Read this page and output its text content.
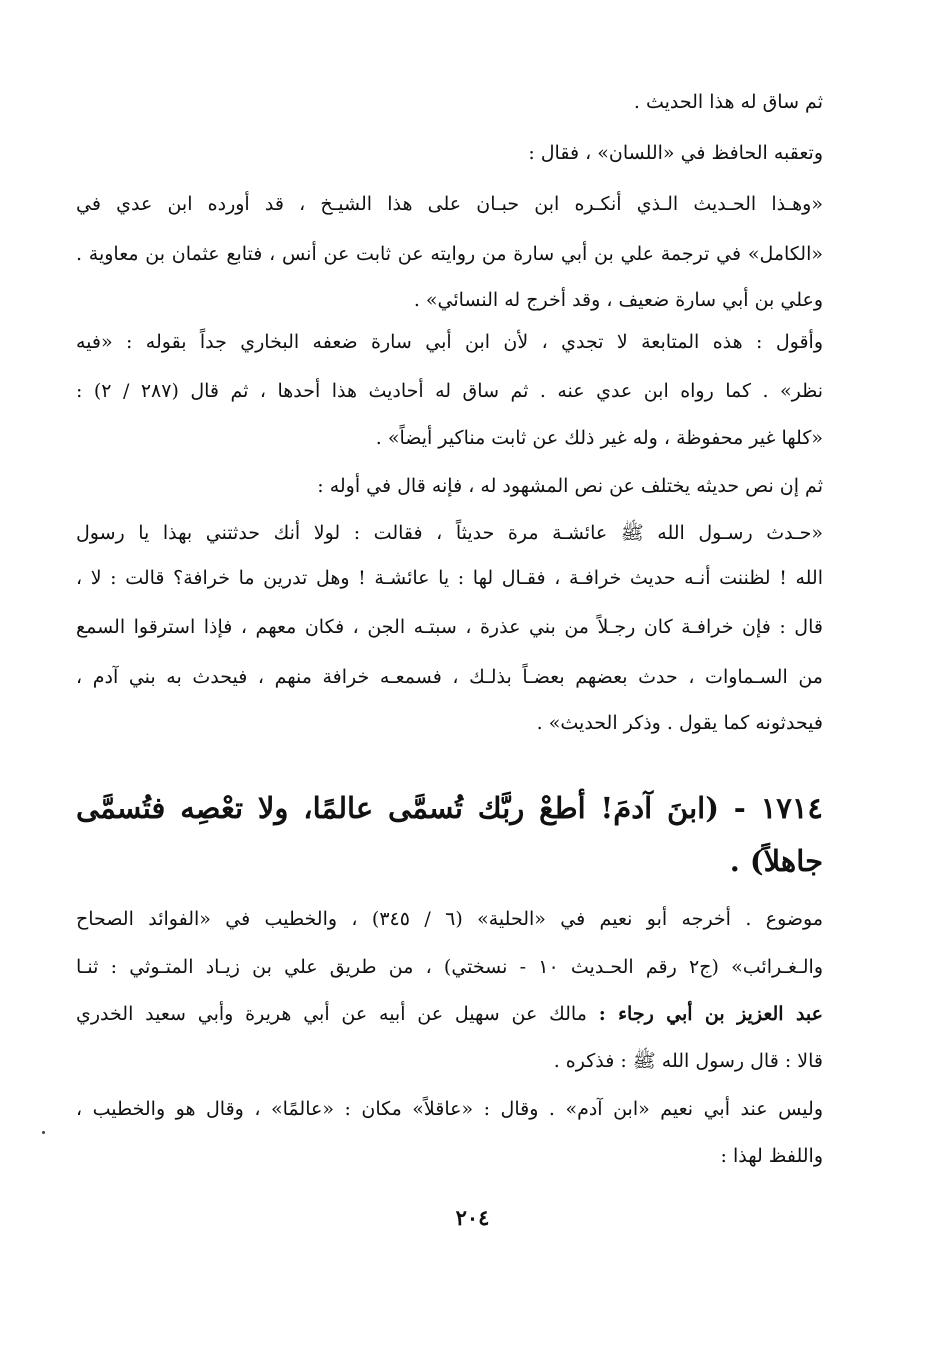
ثم ساق له هذا الحديث .
وتعقبه الحافظ في «اللسان» ، فقال :
«وهـذا الحـديث الـذي أنكـره ابن حبـان على هذا الشيـخ ، قد أورده ابن عدي في
«الكامل» في ترجمة علي بن أبي سارة من روايته عن ثابت عن أنس ، فتابع عثمان بن معاوية .
وعلي بن أبي سارة ضعيف ، وقد أخرج له النسائي» .
وأقول : هذه المتابعة لا تجدي ، لأن ابن أبي سارة ضعفه البخاري جداً بقوله : «فيه
نظر» . كما رواه ابن عدي عنه . ثم ساق له أحاديث هذا أحدها ، ثم قال (٢٨٧ / ٢) :
«كلها غير محفوظة ، وله غير ذلك عن ثابت مناكير أيضاً» .
ثم إن نص حديثه يختلف عن نص المشهود له ، فإنه قال في أوله :
«حـدث رسـول الله ﷺ عائشـة مرة حديثاً ، فقالت : لولا أنك حدثتني بهذا يا رسول
الله ! لظننت أنـه حديث خرافـة ، فقـال لها : يا عائشـة ! وهل تدرين ما خرافة؟ قالت : لا ،
قال : فإن خرافـة كان رجـلاً من بني عذرة ، سبتـه الجن ، فكان معهم ، فإذا استرقوا السمع
من السـماوات ، حدث بعضهم بعضـاً بذلـك ، فسمعـه خرافة منهم ، فيحدث به بني آدم ،
فيحدثونه كما يقول . وذكر الحديث» .
١٧١٤ - (ابنَ آدمَ! أطعْ ربَّك تُسمَّى عالمًا، ولا تعْصِه فتُسمَّى
جاهلاً) .
موضوع . أخرجه أبو نعيم في «الحلية» (٦ / ٣٤٥) ، والخطيب في «الفوائد الصحاح
والـغـرائب» (ج٢ رقم الحـديث ١٠ - نسختي) ، من طريق علي بن زيـاد المتـوثي : ثنـا
عبد العزيز بن أبي رجاء : مالك عن سهيل عن أبيه عن أبي هريرة وأبي سعيد الخدري
قالا : قال رسول الله ﷺ : فذكره .
وليس عند أبي نعيم «ابن آدم» . وقال : «عاقلاً» مكان : «عالمًا» ، وقال هو والخطيب ،
واللفظ لهذا :
٢٠٤
